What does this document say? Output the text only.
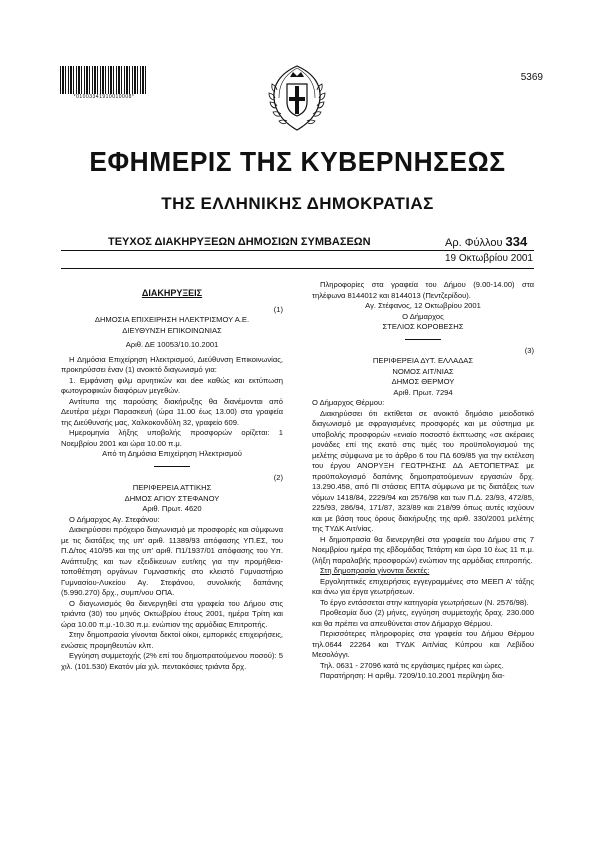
*01003341910010008*
5369
ΕΦΗΜΕΡΙΣ ΤΗΣ ΚΥΒΕΡΝΗΣΕΩΣ
ΤΗΣ ΕΛΛΗΝΙΚΗΣ ΔΗΜΟΚΡΑΤΙΑΣ
ΤΕΥΧΟΣ ΔΙΑΚΗΡΥΞΕΩΝ ΔΗΜΟΣΙΩΝ ΣΥΜΒΑΣΕΩΝ	Αρ. Φύλλου 334
19 Οκτωβρίου 2001
ΔΙΑΚΗΡΥΞΕΙΣ
(1)
ΔΗΜΟΣΙΑ ΕΠΙΧΕΙΡΗΣΗ ΗΛΕΚΤΡΙΣΜΟΥ Α.Ε.
ΔΙΕΥΘΥΝΣΗ ΕΠΙΚΟΙΝΩΝΙΑΣ
Αριθ. ΔΕ 10053/10.10.2001

Η Δημόσια Επιχείρηση Ηλεκτρισμού, Διεύθυνση Επικοινωνίας, προκηρύσσει έναν (1) ανοικτό διαγωνισμό για:

1. Εμφάνιση φιλμ αρνητικών και dee καθώς και εκτύπωση φωτογραφικών διαφόρων μεγεθών.

Αντίτυπα της παρούσης διακήρυξης θα διανέμονται από Δευτέρα μέχρι Παρασκευή (ώρα 11.00 έως 13.00) στα γραφεία της Διεύθυνσής μας, Χαλκοκονδύλη 32, γραφείο 609.

Ημερομηνία λήξης υποβολής προσφορών ορίζεται: 1 Νοεμβρίου 2001 και ώρα 10.00 π.μ.

Από τη Δημόσια Επιχείρηση Ηλεκτρισμού
(2)
ΠΕΡΙΦΕΡΕΙΑ ΑΤΤΙΚΗΣ
ΔΗΜΟΣ ΑΓΙΟΥ ΣΤΕΦΑΝΟΥ
Αριθ. Πρωτ. 4620

Ο Δήμαρχος Αγ. Στεφάνου:

Διακηρύσσει πρόχειρο διαγωνισμό με προσφορές και σύμφωνα με τις διατάξεις της υπ' αριθ. 11389/93 απόφασης ΥΠ.ΕΣ, του Π.Δ/τος 410/95 και της υπ' αριθ. Π1/1937/01 απόφασης του Υπ. Ανάπτυξης και των εξειδίκευων ευτ/κης για την προμήθεια-τοποθέτηση οργάνων Γυμναστικής στο κλειστό Γυμναστήριο Γυμνασίου-Λυκείου Αγ. Στεφάνου, συνολικής δαπάνης (5.990.270) δρχ., συμπ/νου ΟΠΑ.

Ο διαγωνισμός θα διενεργηθεί στα γραφεία του Δήμου στις τριάντα (30) του μηνός Οκτωβρίου έτους 2001, ημέρα Τρίτη και ώρα 10.00 π.μ.-10.30 π.μ. ενώπιον της αρμόδιας Επιτροπής.

Στην δημοπρασία γίνονται δεκτοί οίκοι, εμπορικές επιχειρήσεις, ενώσεις προμηθευτών κλπ.

Εγγύηση συμμετοχής (2% επί του δημοπρατούμενου ποσού): 5 χιλ. (101.530) Εκατόν μία χιλ. πεντακόσιες τριάντα δρχ.

Πληροφορίες στα γραφεία του Δήμου (9.00-14.00) στα τηλέφωνα 8144012 και 8144013 (Πεντζερίδου).

Αγ. Στέφανος, 12 Οκτωβρίου 2001
Ο Δήμαρχος
ΣΤΕΛΙΟΣ ΚΟΡΟΒΕΣΗΣ
(3)
ΠΕΡΙΦΕΡΕΙΑ ΔΥΤ. ΕΛΛΑΔΑΣ
ΝΟΜΟΣ ΑΙΤ/ΝΙΑΣ
ΔΗΜΟΣ ΘΕΡΜΟΥ
Αριθ. Πρωτ. 7294

Ο Δήμαρχος Θέρμου:

Διακηρύσσει ότι εκτίθεται σε ανοικτό δημόσιο μειοδοτικό διαγωνισμό με σφραγισμένες προσφορές και με σύστημα με υποβολής προσφορών «ενιαίο ποσοστό έκπτωσης «σε ακέραιες μονάδες επί της εκατό στις τιμές του προϋπολογισμού της μελέτης σύμφωνα με το άρθρο 6 του ΠΔ 609/85 για την εκτέλεση του έργου ΑΝΟΡΥΞΗ ΓΕΩΤΡΗΣΗΣ ΔΔ ΑΕΤΟΠΕΤΡΑΣ με προϋπολογισμό δαπάνης δημοπρατούμενων εργασιών δρχ. 13.290.458, από ΠΙ στάσεις ΕΠΤΑ σύμφωνα με τις διατάξεις των νόμων 1418/84, 2229/94 και 2576/98 και των Π.Δ. 23/93, 472/85, 225/93, 286/94, 171/87, 323/89 και 218/99 όπως αυτές ισχύουν και με βάση τους όρους διακήρυξης της αριθ. 330/2001 μελέτης της ΤΥΔΚ Αιτ/νίας.

Η δημοπρασία θα διενεργηθεί στα γραφεία του Δήμου στις 7 Νοεμβρίου ημέρα της εβδομάδας Τετάρτη και ώρα 10 έως 11 π.μ. (λήξη παραλαβής προσφορών) ενώπιον της αρμόδιας επιτροπής.

Στη δημοπρασία γίνονται δεκτές:

Εργοληπτικές επιχειρήσεις εγγεγραμμένες στο ΜΕΕΠ Α' τάξης και άνω για έργα γεωτρήσεων.

Το έργο εντάσσεται στην κατηγορία γεωτρήσεων (Ν. 2576/98).

Προθεσμία δυο (2) μήνες, εγγύηση συμμετοχής δραχ. 230.000 και θα πρέπει να απευθύνεται στον Δήμαρχο Θέρμου.

Περισσότερες πληροφορίες στα γραφεία του Δήμου Θέρμου τηλ.0644 22264 και ΤΥΔΚ Αιτ/νίας Κύπρου και Λεβίδου Μεσολόγγι.

Τηλ. 0631 - 27096 κατά τις εργάσιμες ημέρες και ώρες.

Παρατήρηση: Η αριθμ. 7209/10.10.2001 περίληψη δια-
